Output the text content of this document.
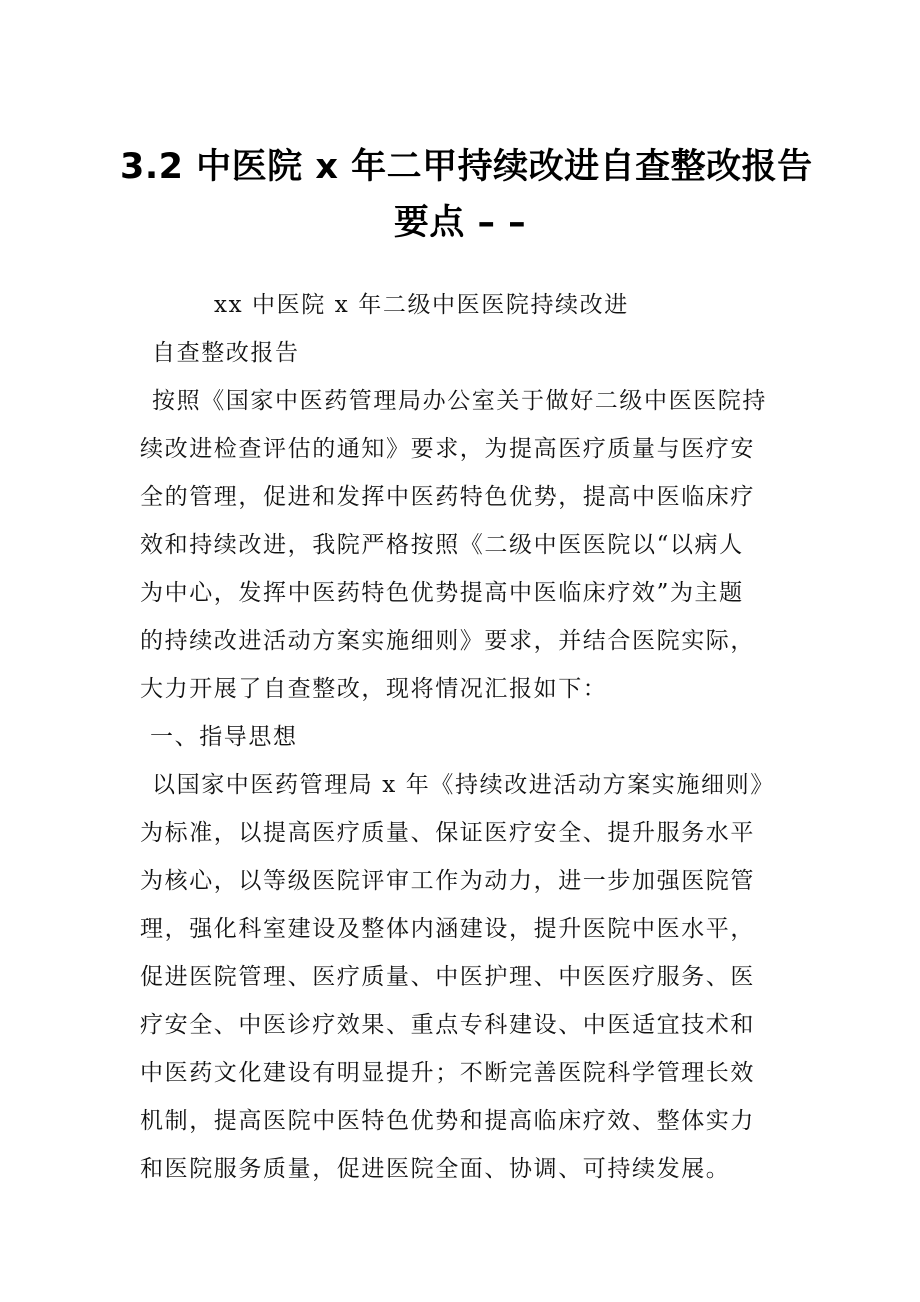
3.2 中医院 x 年二甲持续改进自查整改报告
要点 – –
xx 中医院 x 年二级中医医院持续改进
自查整改报告
按照《国家中医药管理局办公室关于做好二级中医医院持
续改进检查评估的通知》要求，为提高医疗质量与医疗安
全的管理，促进和发挥中医药特色优势，提高中医临床疗
效和持续改进，我院严格按照《二级中医医院以“以病人
为中心，发挥中医药特色优势提高中医临床疗效”为主题
的持续改进活动方案实施细则》要求，并结合医院实际，
大力开展了自查整改，现将情况汇报如下：
一、指导思想
以国家中医药管理局 x 年《持续改进活动方案实施细则》
为标准，以提高医疗质量、保证医疗安全、提升服务水平
为核心，以等级医院评审工作为动力，进一步加强医院管
理，强化科室建设及整体内涵建设，提升医院中医水平，
促进医院管理、医疗质量、中医护理、中医医疗服务、医
疗安全、中医诊疗效果、重点专科建设、中医适宜技术和
中医药文化建设有明显提升；不断完善医院科学管理长效
机制，提高医院中医特色优势和提高临床疗效、整体实力
和医院服务质量，促进医院全面、协调、可持续发展。
